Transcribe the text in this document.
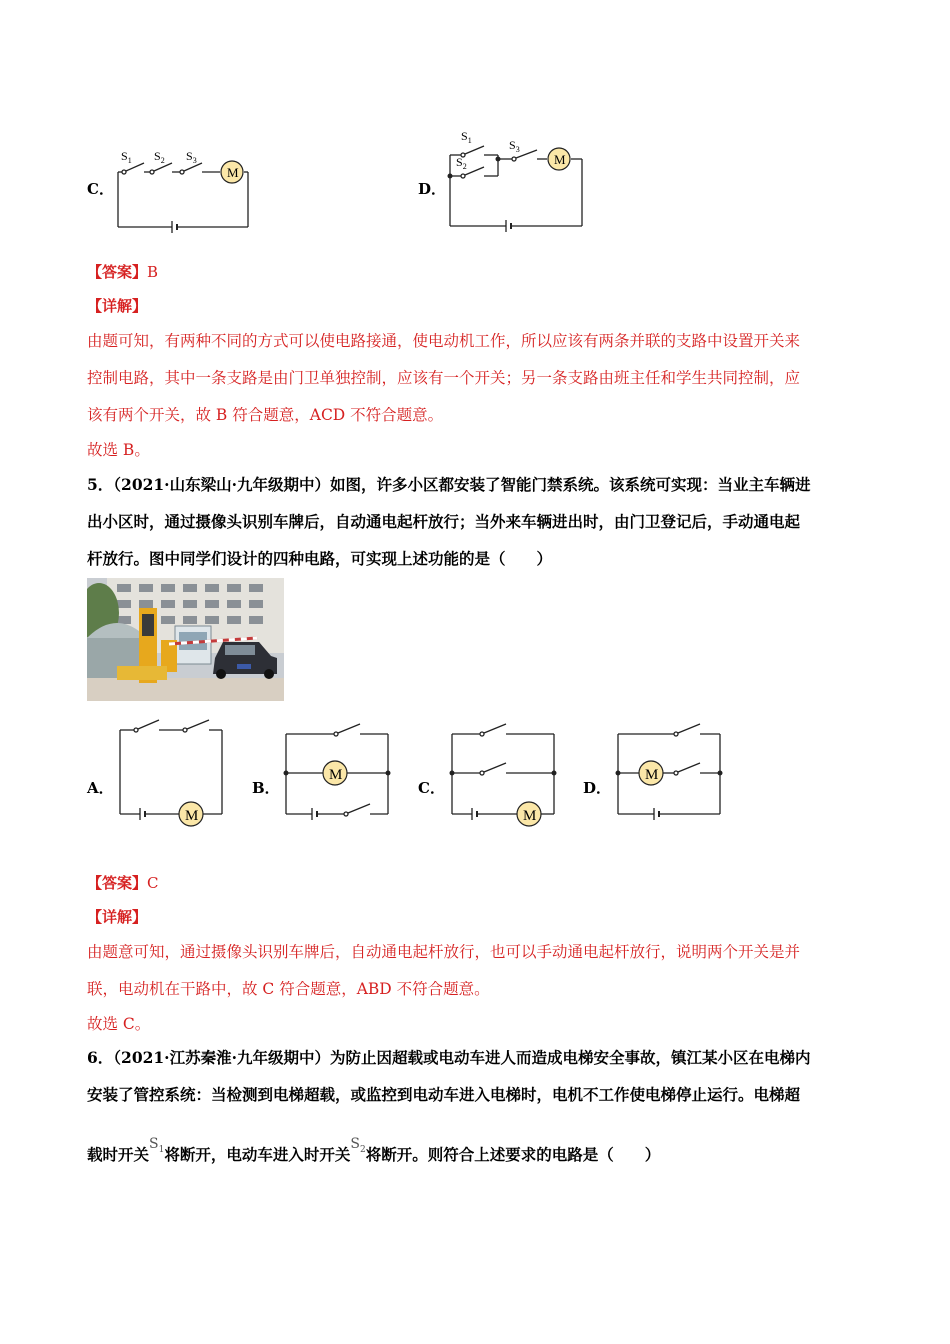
C．
M
$S_1$ $S_2$ $S_3$
D．
M
$S_1$
$S_2$
$S_3$
【答案】B
【详解】
由题可知，有两种不同的方式可以使电路接通，使电动机工作，所以应该有两条并联的支路中设置开关来
控制电路，其中一条支路是由门卫单独控制，应该有一个开关；另一条支路由班主任和学生共同控制，应
该有两个开关，故 B 符合题意，ACD 不符合题意。
故选 B。
5．（2021·山东梁山·九年级期中）如图，许多小区都安装了智能门禁系统。该系统可实现：当业主车辆进
出小区时，通过摄像头识别车牌后，自动通电起杆放行；当外来车辆进出时，由门卫登记后，手动通电起
杆放行。图中同学们设计的四种电路，可实现上述功能的是（　　）
A．
M
B．
M
C．
M
D．
M
【答案】C
【详解】
由题意可知，通过摄像头识别车牌后，自动通电起杆放行，也可以手动通电起杆放行，说明两个开关是并
联，电动机在干路中，故 C 符合题意，ABD 不符合题意。
故选 C。
6．（2021·江苏秦淮·九年级期中）为防止因超载或电动车进人而造成电梯安全事故，镇江某小区在电梯内
安装了管控系统：当检测到电梯超载，或监控到电动车进入电梯时，电机不工作使电梯停止运行。电梯超
载时开关$S_1$将断开，电动车进入时开关$S_2$将断开。则符合上述要求的电路是（　　）
